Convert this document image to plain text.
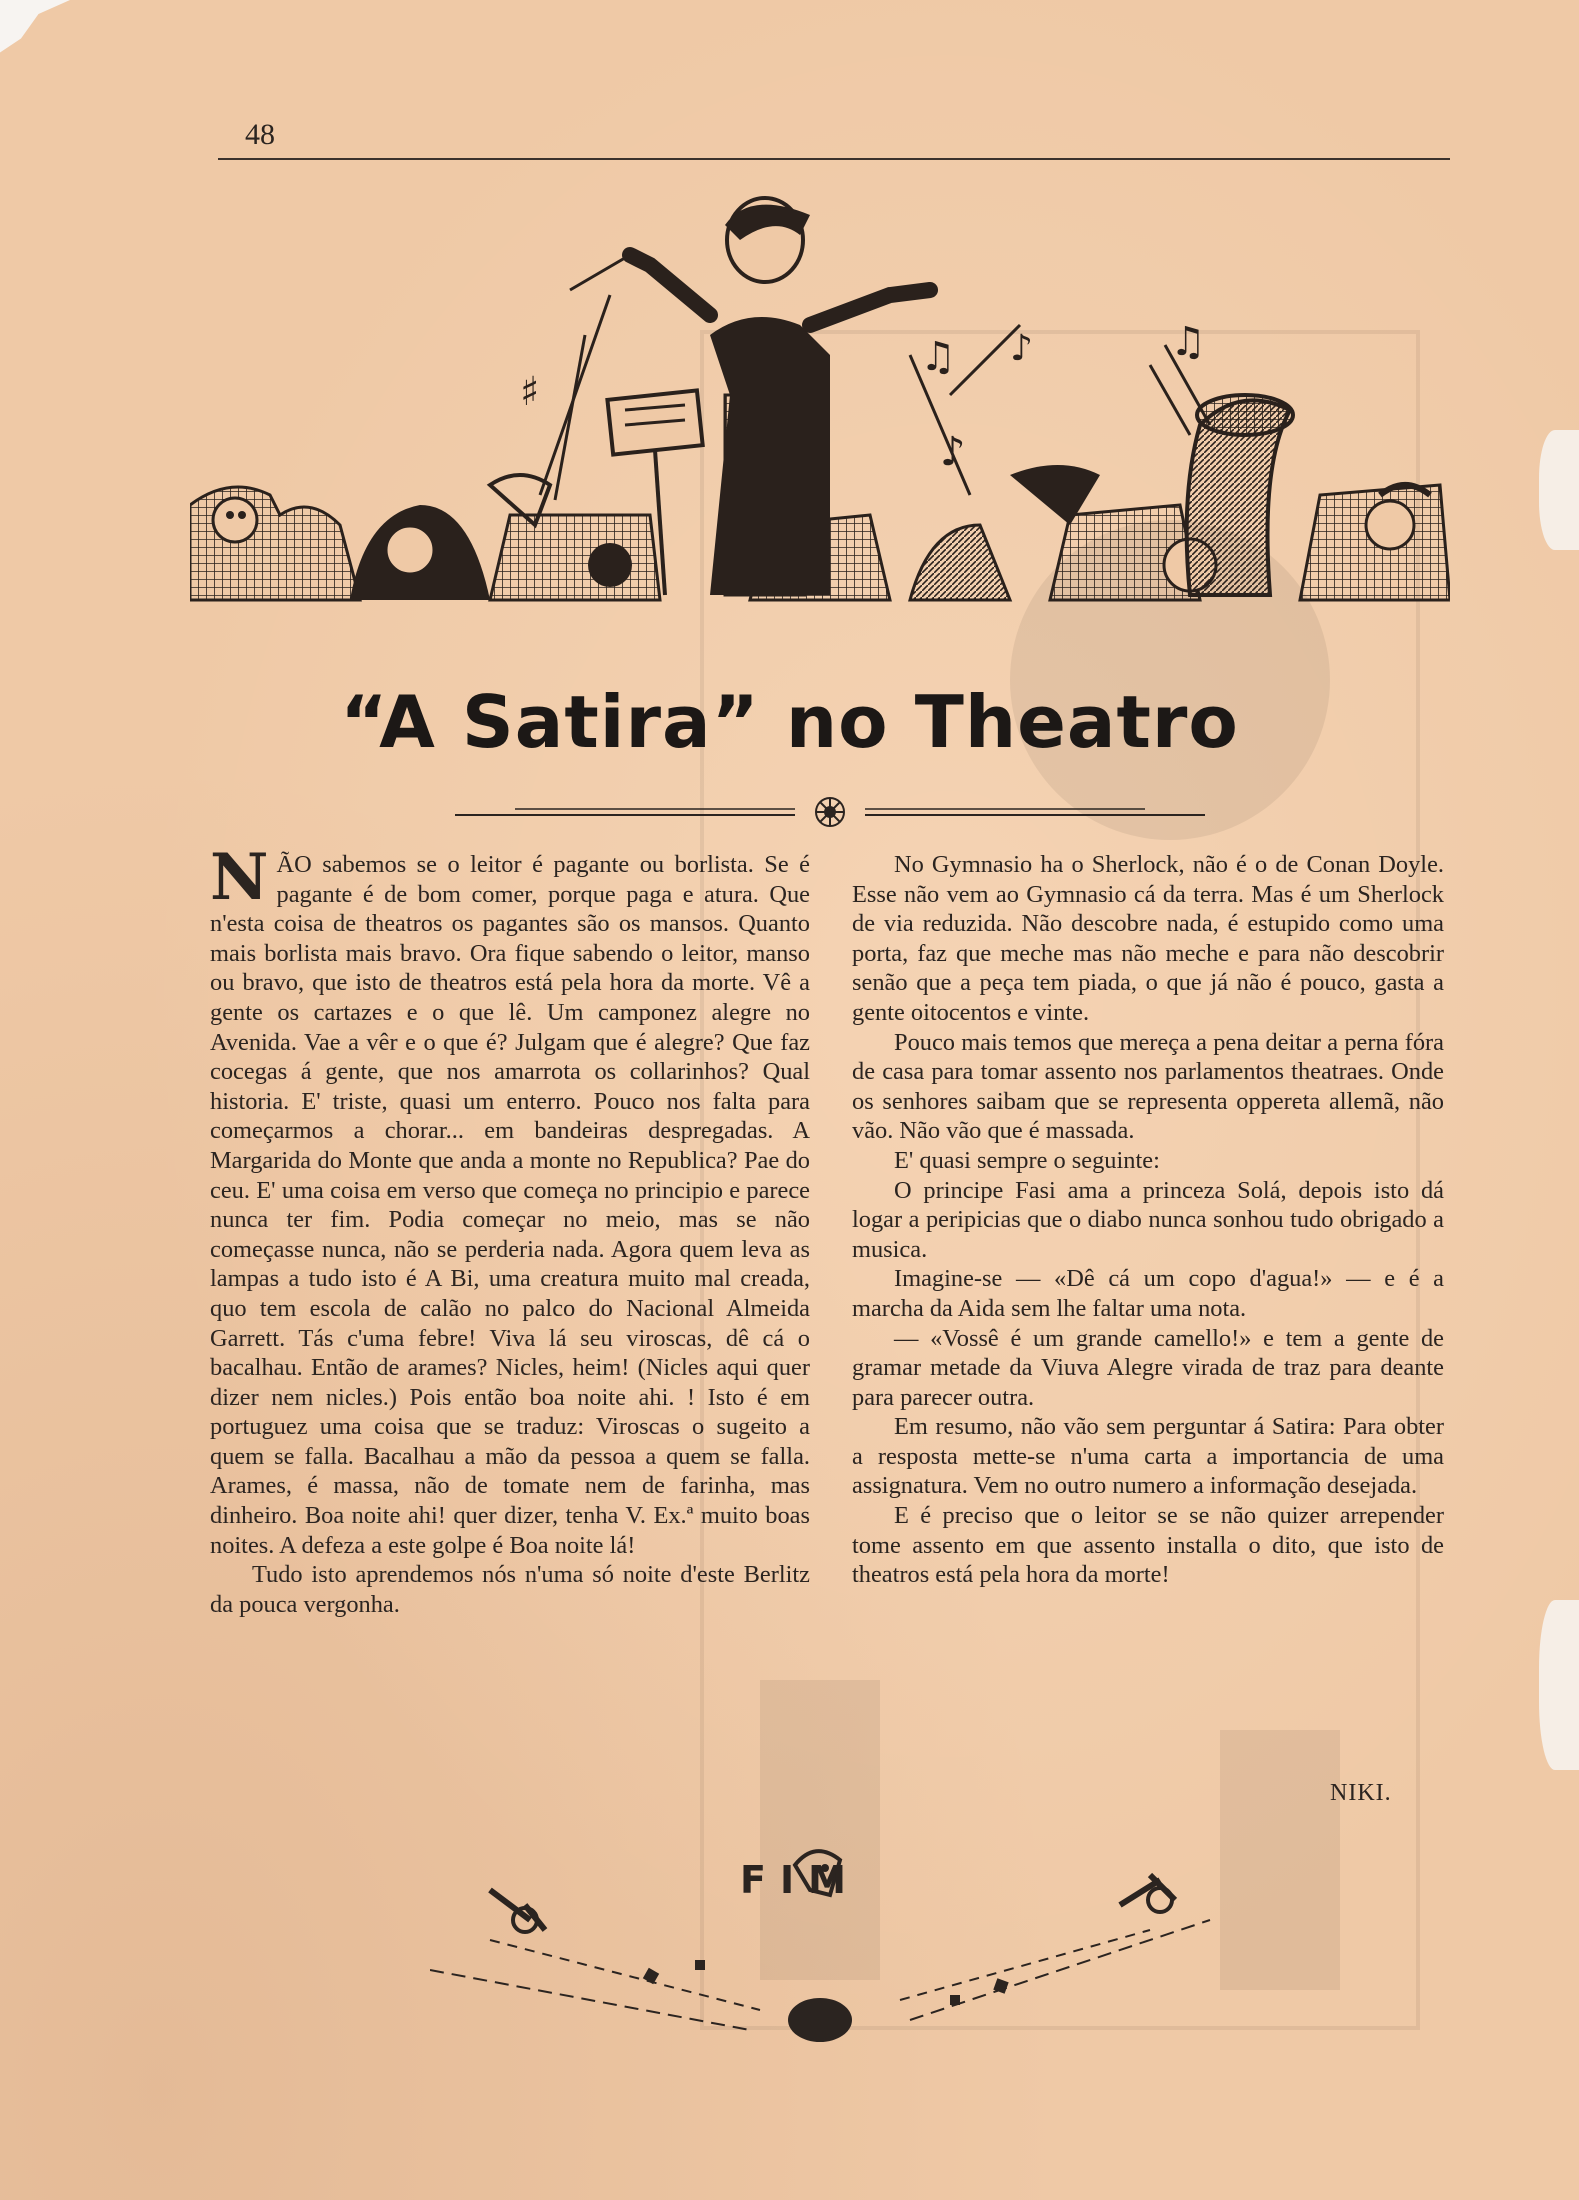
48
♫ ♪
♪
♯
♫
“A Satira” no Theatro

NÃO sabemos se o leitor é pagante ou borlista. Se é pagante é de bom comer, porque paga e atura. Que n'esta coisa de theatros os pagantes são os mansos. Quanto mais borlista mais bravo. Ora fique sabendo o leitor, manso ou bravo, que isto de theatros está pela hora da morte. Vê a gente os cartazes e o que lê. Um camponez alegre no Avenida. Vae a vêr e o que é? Julgam que é alegre? Que faz cocegas á gente, que nos amarrota os collarinhos? Qual historia. E' triste, quasi um enterro. Pouco nos falta para começarmos a chorar... em bandeiras despregadas. A Margarida do Monte que anda a monte no Republica? Pae do ceu. E' uma coisa em verso que começa no principio e parece nunca ter fim. Podia começar no meio, mas se não começasse nunca, não se perderia nada. Agora quem leva as lampas a tudo isto é A Bi, uma creatura muito mal creada, quo tem escola de calão no palco do Nacional Almeida Garrett. Tás c'uma febre! Viva lá seu viroscas, dê cá o bacalhau. Então de arames? Nicles, heim! (Nicles aqui quer dizer nem nicles.) Pois então boa noite ahi. ! Isto é em portuguez uma coisa que se traduz: Viroscas o sugeito a quem se falla. Bacalhau a mão da pessoa a quem se falla. Arames, é massa, não de tomate nem de farinha, mas dinheiro. Boa noite ahi! quer dizer, tenha V. Ex.ª muito boas noites. A defeza a este golpe é Boa noite lá!

Tudo isto aprendemos nós n'uma só noite d'este Berlitz da pouca vergonha.

No Gymnasio ha o Sherlock, não é o de Conan Doyle. Esse não vem ao Gymnasio cá da terra. Mas é um Sherlock de via reduzida. Não descobre nada, é estupido como uma porta, faz que meche mas não meche e para não descobrir senão que a peça tem piada, o que já não é pouco, gasta a gente oitocentos e vinte.

Pouco mais temos que mereça a pena deitar a perna fóra de casa para tomar assento nos parlamentos theatraes. Onde os senhores saibam que se representa oppereta allemã, não vão. Não vão que é massada.

E' quasi sempre o seguinte:

O principe Fasi ama a princeza Solá, depois isto dá logar a peripicias que o diabo nunca sonhou tudo obrigado a musica.

Imagine-se — «Dê cá um copo d'agua!» — e é a marcha da Aida sem lhe faltar uma nota.

— «Vossê é um grande camello!» e tem a gente de gramar metade da Viuva Alegre virada de traz para deante para parecer outra.

Em resumo, não vão sem perguntar á Satira: Para obter a resposta mette-se n'uma carta a importancia de uma assignatura. Vem no outro numero a informação desejada.

E é preciso que o leitor se se não quizer arrepender tome assento em que assento installa o dito, que isto de theatros está pela hora da morte!

NIKI.
FIM
